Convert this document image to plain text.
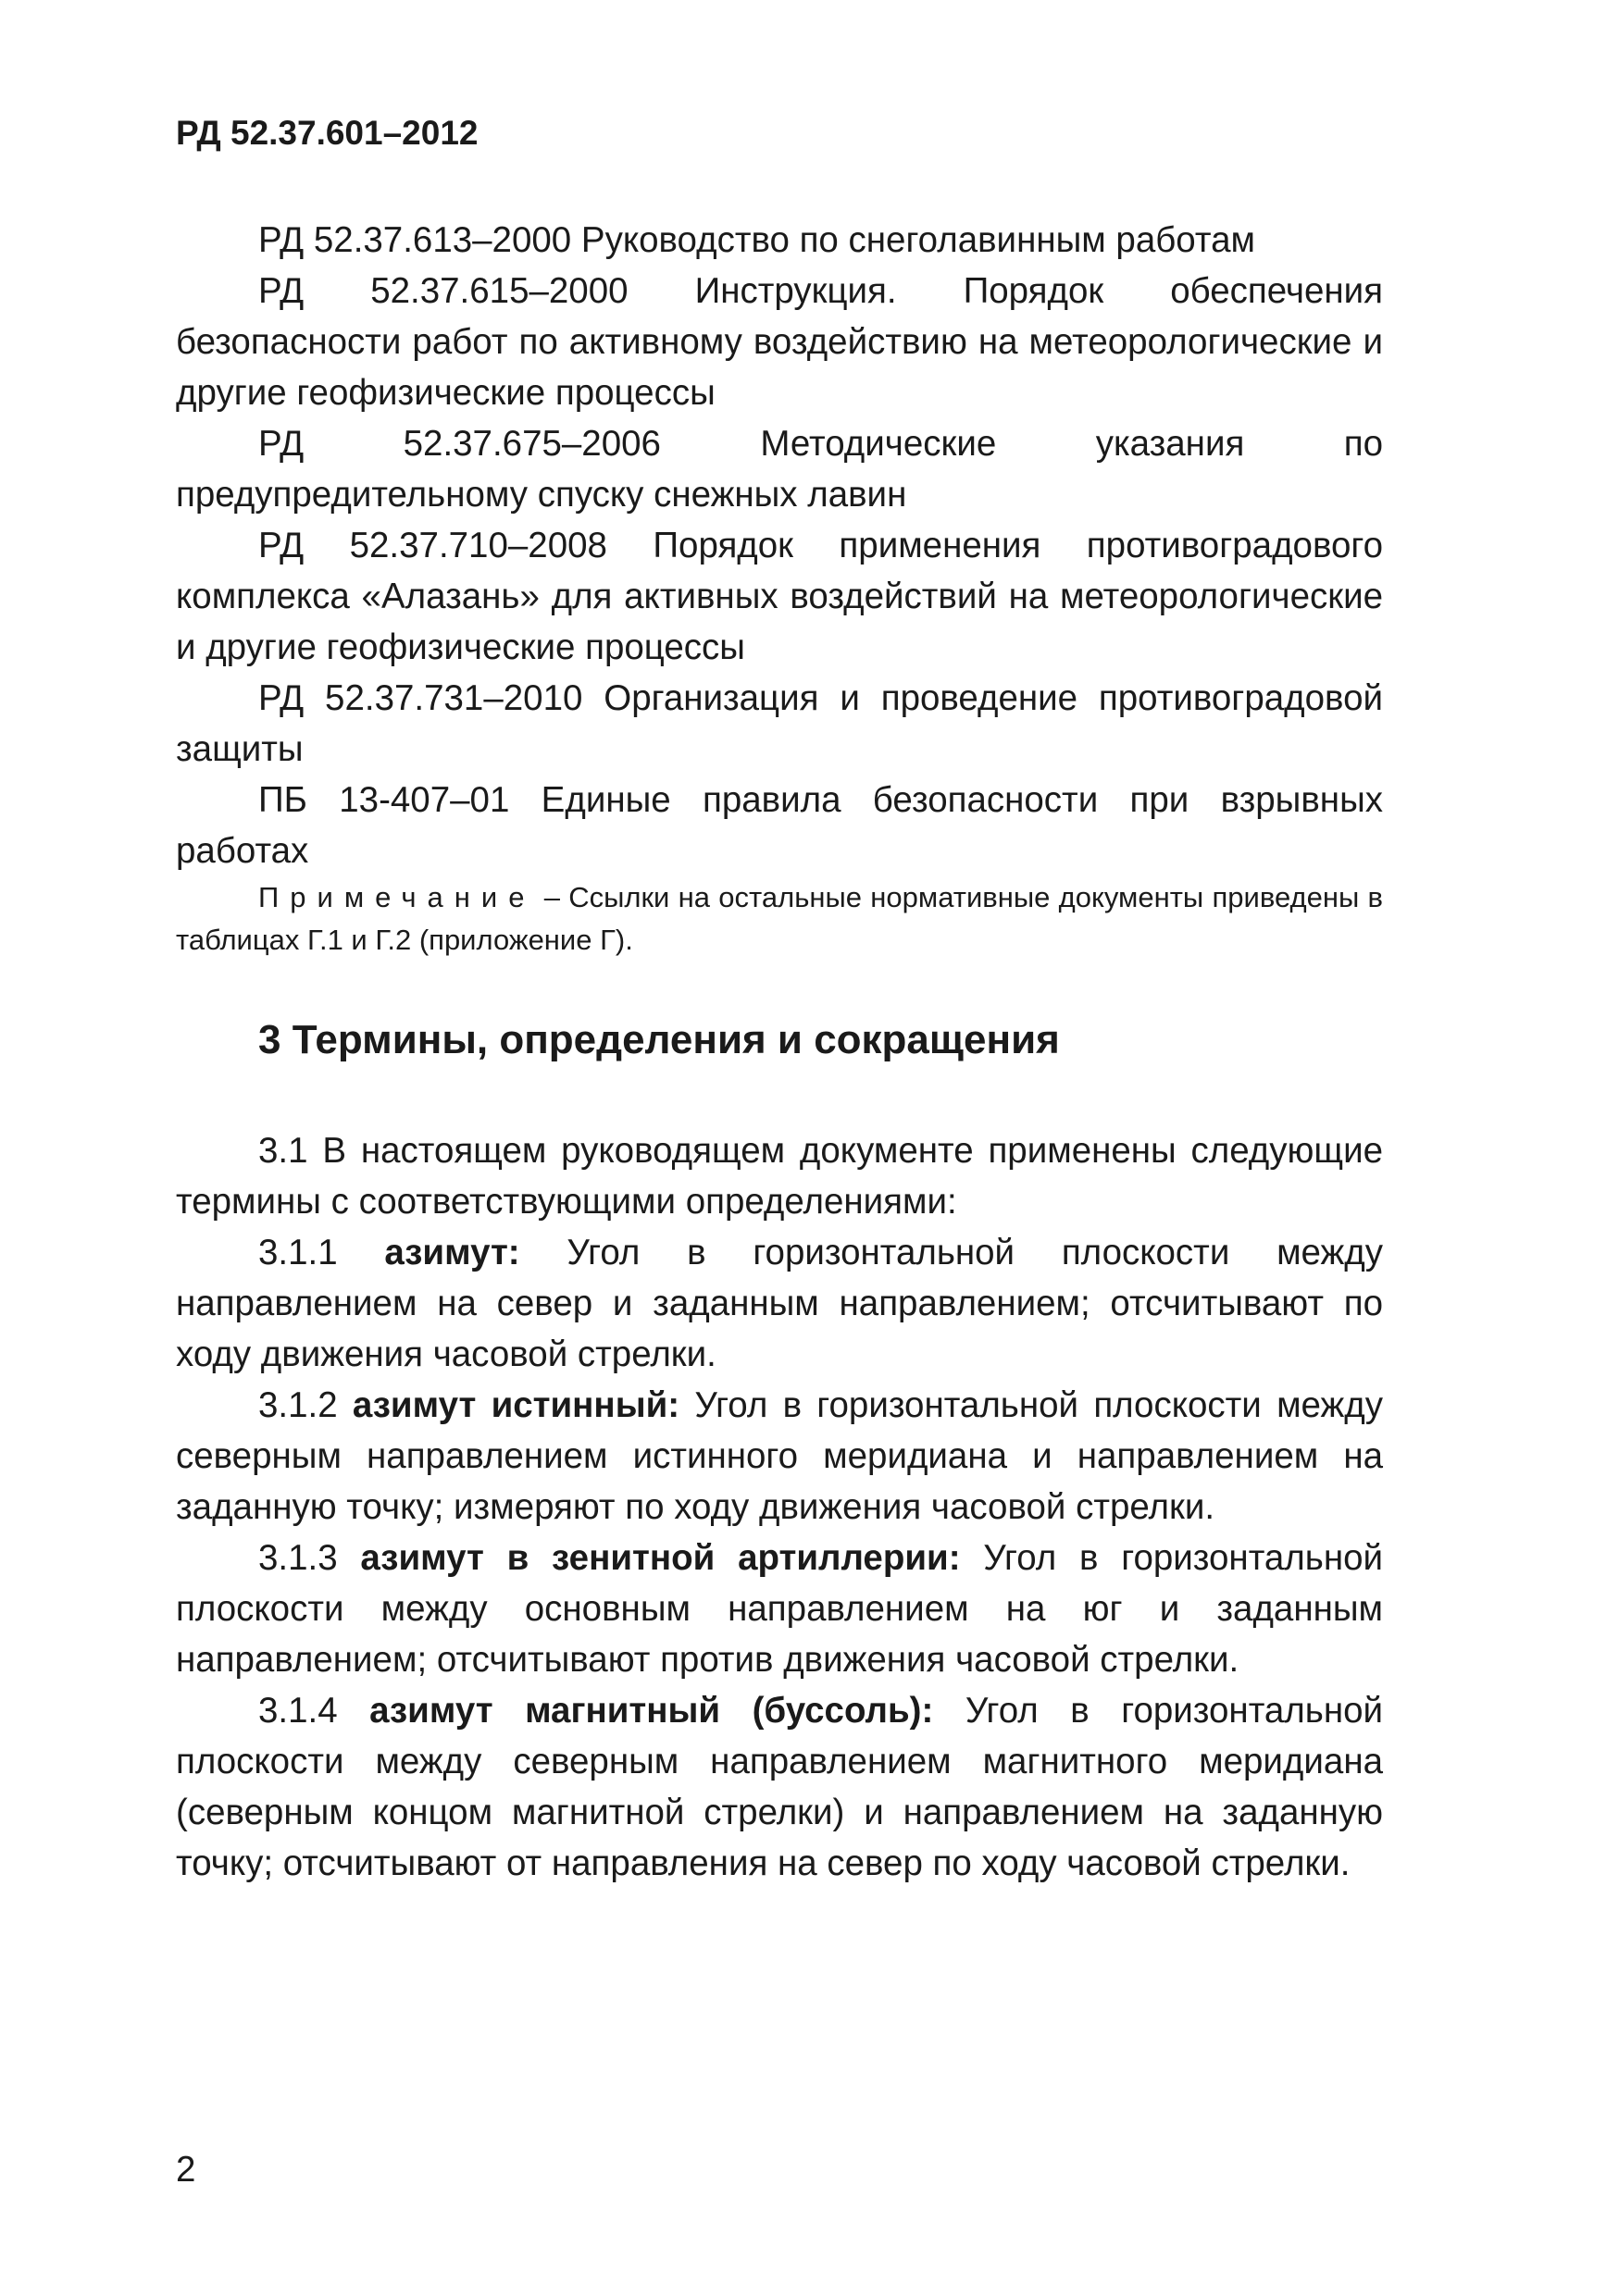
РД 52.37.601–2012

РД 52.37.613–2000 Руководство по снеголавинным работам

РД 52.37.615–2000 Инструкция. Порядок обеспечения безопасности работ по активному воздействию на метеорологические и другие геофизические процессы

РД 52.37.675–2006 Методические указания по предупредительному спуску снежных лавин

РД 52.37.710–2008 Порядок применения противоградового комплекса «Алазань» для активных воздействий на метеорологические и другие геофизические процессы

РД 52.37.731–2010 Организация и проведение противоградовой защиты

ПБ 13-407–01 Единые правила безопасности при взрывных работах

Примечание – Ссылки на остальные нормативные документы приведены в таблицах Г.1 и Г.2 (приложение Г).

3 Термины, определения и сокращения

3.1 В настоящем руководящем документе применены следующие термины с соответствующими определениями:

3.1.1 азимут: Угол в горизонтальной плоскости между направлением на север и заданным направлением; отсчитывают по ходу движения часовой стрелки.

3.1.2 азимут истинный: Угол в горизонтальной плоскости между северным направлением истинного меридиана и направлением на заданную точку; измеряют по ходу движения часовой стрелки.

3.1.3 азимут в зенитной артиллерии: Угол в горизонтальной плоскости между основным направлением на юг и заданным направлением; отсчитывают против движения часовой стрелки.

3.1.4 азимут магнитный (буссоль): Угол в горизонтальной плоскости между северным направлением магнитного меридиана (северным концом магнитной стрелки) и направлением на заданную точку; отсчитывают от направления на север по ходу часовой стрелки.

2
